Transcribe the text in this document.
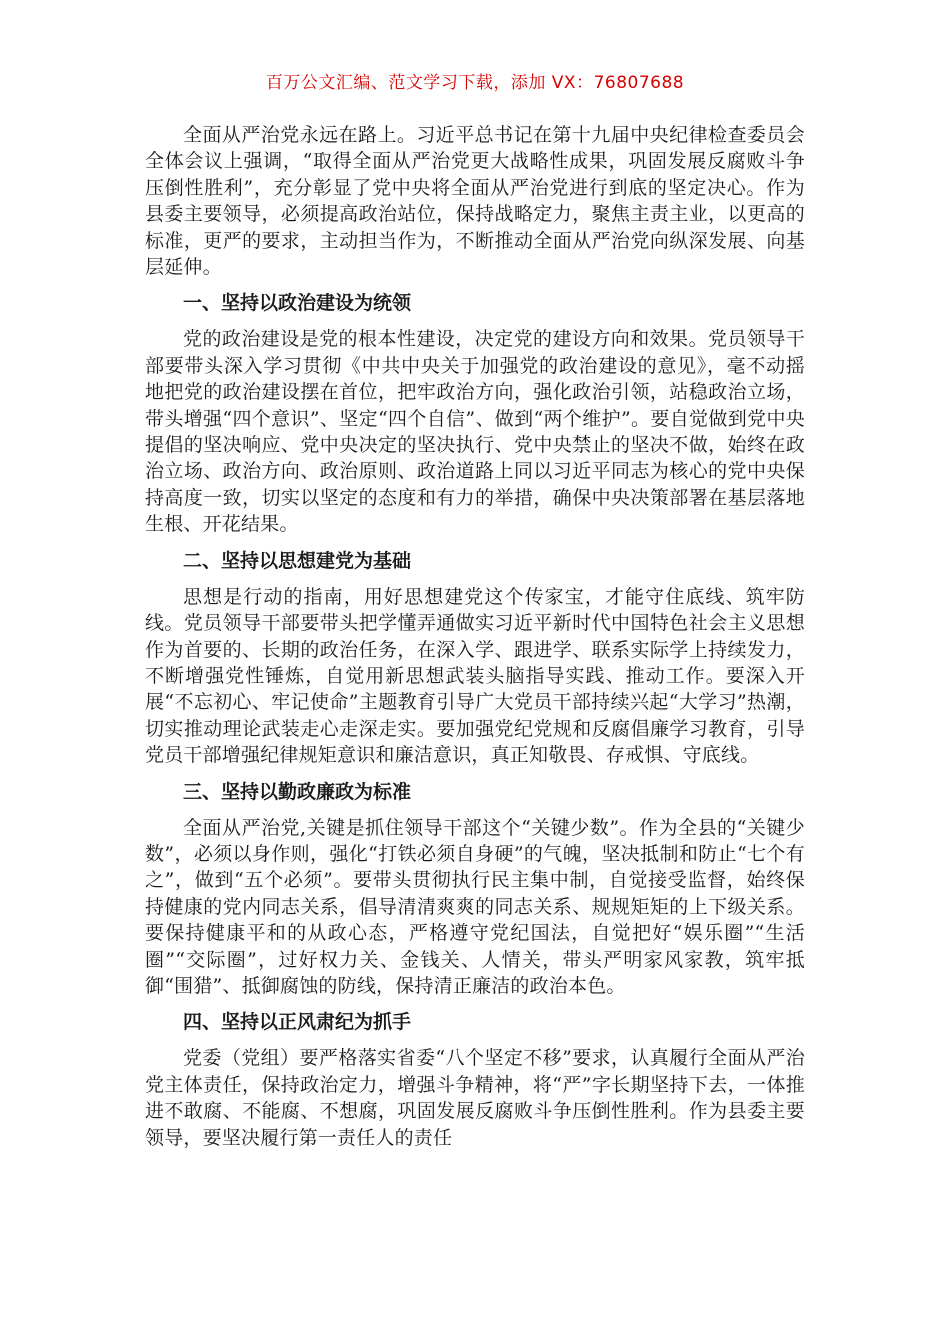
百万公文汇编、范文学习下载，添加 VX：76807688

全面从严治党永远在路上。习近平总书记在第十九届中央纪律检查委员会全体会议上强调，“取得全面从严治党更大战略性成果，巩固发展反腐败斗争压倒性胜利”，充分彰显了党中央将全面从严治党进行到底的坚定决心。作为县委主要领导，必须提高政治站位，保持战略定力，聚焦主责主业，以更高的标准，更严的要求，主动担当作为，不断推动全面从严治党向纵深发展、向基层延伸。

一、坚持以政治建设为统领

党的政治建设是党的根本性建设，决定党的建设方向和效果。党员领导干部要带头深入学习贯彻《中共中央关于加强党的政治建设的意见》，毫不动摇地把党的政治建设摆在首位，把牢政治方向，强化政治引领，站稳政治立场，带头增强“四个意识”、坚定“四个自信”、做到“两个维护”。要自觉做到党中央提倡的坚决响应、党中央决定的坚决执行、党中央禁止的坚决不做，始终在政治立场、政治方向、政治原则、政治道路上同以习近平同志为核心的党中央保持高度一致，切实以坚定的态度和有力的举措，确保中央决策部署在基层落地生根、开花结果。

二、坚持以思想建党为基础

思想是行动的指南，用好思想建党这个传家宝，才能守住底线、筑牢防线。党员领导干部要带头把学懂弄通做实习近平新时代中国特色社会主义思想作为首要的、长期的政治任务，在深入学、跟进学、联系实际学上持续发力，不断增强党性锤炼，自觉用新思想武装头脑指导实践、推动工作。要深入开展“不忘初心、牢记使命”主题教育引导广大党员干部持续兴起“大学习”热潮，切实推动理论武装走心走深走实。要加强党纪党规和反腐倡廉学习教育，引导党员干部增强纪律规矩意识和廉洁意识，真正知敬畏、存戒惧、守底线。

三、坚持以勤政廉政为标准

全面从严治党,关键是抓住领导干部这个“关键少数”。作为全县的“关键少数”，必须以身作则，强化“打铁必须自身硬”的气魄，坚决抵制和防止“七个有之”，做到“五个必须”。要带头贯彻执行民主集中制，自觉接受监督，始终保持健康的党内同志关系，倡导清清爽爽的同志关系、规规矩矩的上下级关系。要保持健康平和的从政心态，严格遵守党纪国法，自觉把好“娱乐圈”“生活圈”“交际圈”，过好权力关、金钱关、人情关，带头严明家风家教，筑牢抵御“围猎”、抵御腐蚀的防线，保持清正廉洁的政治本色。

四、坚持以正风肃纪为抓手

党委（党组）要严格落实省委“八个坚定不移”要求，认真履行全面从严治党主体责任，保持政治定力，增强斗争精神，将“严”字长期坚持下去，一体推进不敢腐、不能腐、不想腐，巩固发展反腐败斗争压倒性胜利。作为县委主要领导，要坚决履行第一责任人的责任
